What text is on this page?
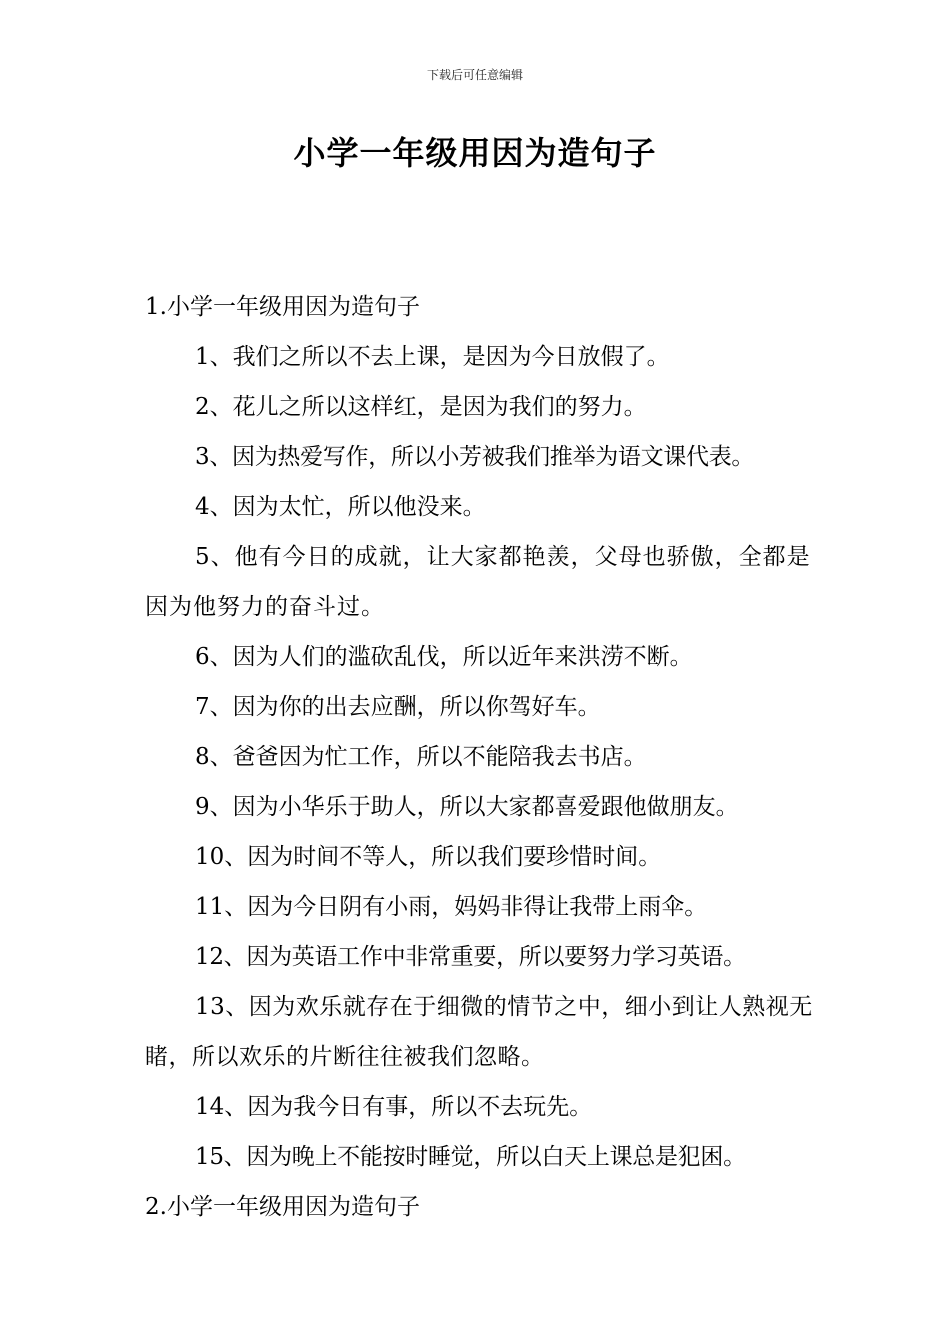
下载后可任意编辑
小学一年级用因为造句子

1.小学一年级用因为造句子

1、我们之所以不去上课，是因为今日放假了。

2、花儿之所以这样红，是因为我们的努力。

3、因为热爱写作，所以小芳被我们推举为语文课代表。

4、因为太忙，所以他没来。

5、他有今日的成就，让大家都艳羡，父母也骄傲，全都是因为他努力的奋斗过。

6、因为人们的滥砍乱伐，所以近年来洪涝不断。

7、因为你的出去应酬，所以你驾好车。

8、爸爸因为忙工作，所以不能陪我去书店。

9、因为小华乐于助人，所以大家都喜爱跟他做朋友。

10、因为时间不等人，所以我们要珍惜时间。

11、因为今日阴有小雨，妈妈非得让我带上雨伞。

12、因为英语工作中非常重要，所以要努力学习英语。

13、因为欢乐就存在于细微的情节之中，细小到让人熟视无睹，所以欢乐的片断往往被我们忽略。

14、因为我今日有事，所以不去玩先。

15、因为晚上不能按时睡觉，所以白天上课总是犯困。

2.小学一年级用因为造句子
